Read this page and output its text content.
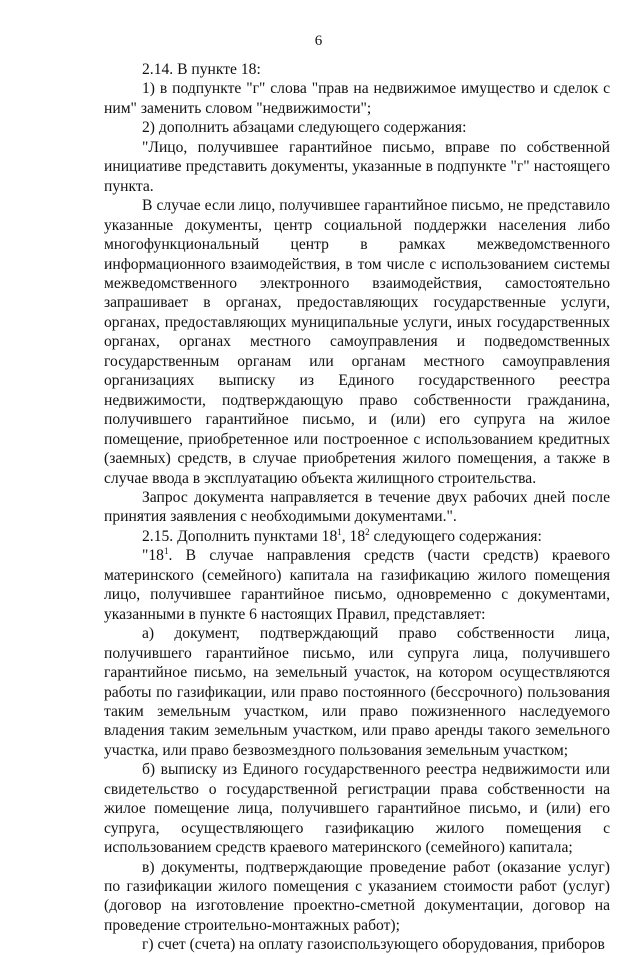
6

2.14. В пункте 18:

1) в подпункте "г" слова "прав на недвижимое имущество и сделок с ним" заменить словом "недвижимости";

2) дополнить абзацами следующего содержания:

"Лицо, получившее гарантийное письмо, вправе по собственной инициативе представить документы, указанные в подпункте "г" настоящего пункта.

В случае если лицо, получившее гарантийное письмо, не представило указанные документы, центр социальной поддержки населения либо многофункциональный центр в рамках межведомственного информационного взаимодействия, в том числе с использованием системы межведомственного электронного взаимодействия, самостоятельно запрашивает в органах, предоставляющих государственные услуги, органах, предоставляющих муниципальные услуги, иных государственных органах, органах местного самоуправления и подведомственных государственным органам или органам местного самоуправления организациях выписку из Единого государственного реестра недвижимости, подтверждающую право собственности гражданина, получившего гарантийное письмо, и (или) его супруга на жилое помещение, приобретенное или построенное с использованием кредитных (заемных) средств, в случае приобретения жилого помещения, а также в случае ввода в эксплуатацию объекта жилищного строительства.

Запрос документа направляется в течение двух рабочих дней после принятия заявления с необходимыми документами.".

2.15. Дополнить пунктами $18^1$, $18^2$ следующего содержания:

"$18^1$. В случае направления средств (части средств) краевого материнского (семейного) капитала на газификацию жилого помещения лицо, получившее гарантийное письмо, одновременно с документами, указанными в пункте 6 настоящих Правил, представляет:

а) документ, подтверждающий право собственности лица, получившего гарантийное письмо, или супруга лица, получившего гарантийное письмо, на земельный участок, на котором осуществляются работы по газификации, или право постоянного (бессрочного) пользования таким земельным участком, или право пожизненного наследуемого владения таким земельным участком, или право аренды такого земельного участка, или право безвозмездного пользования земельным участком;

б) выписку из Единого государственного реестра недвижимости или свидетельство о государственной регистрации права собственности на жилое помещение лица, получившего гарантийное письмо, и (или) его супруга, осуществляющего газификацию жилого помещения с использованием средств краевого материнского (семейного) капитала;

в) документы, подтверждающие проведение работ (оказание услуг) по газификации жилого помещения с указанием стоимости работ (услуг) (договор на изготовление проектно-сметной документации, договор на проведение строительно-монтажных работ);

г) счет (счета) на оплату газоиспользующего оборудования, приборов
